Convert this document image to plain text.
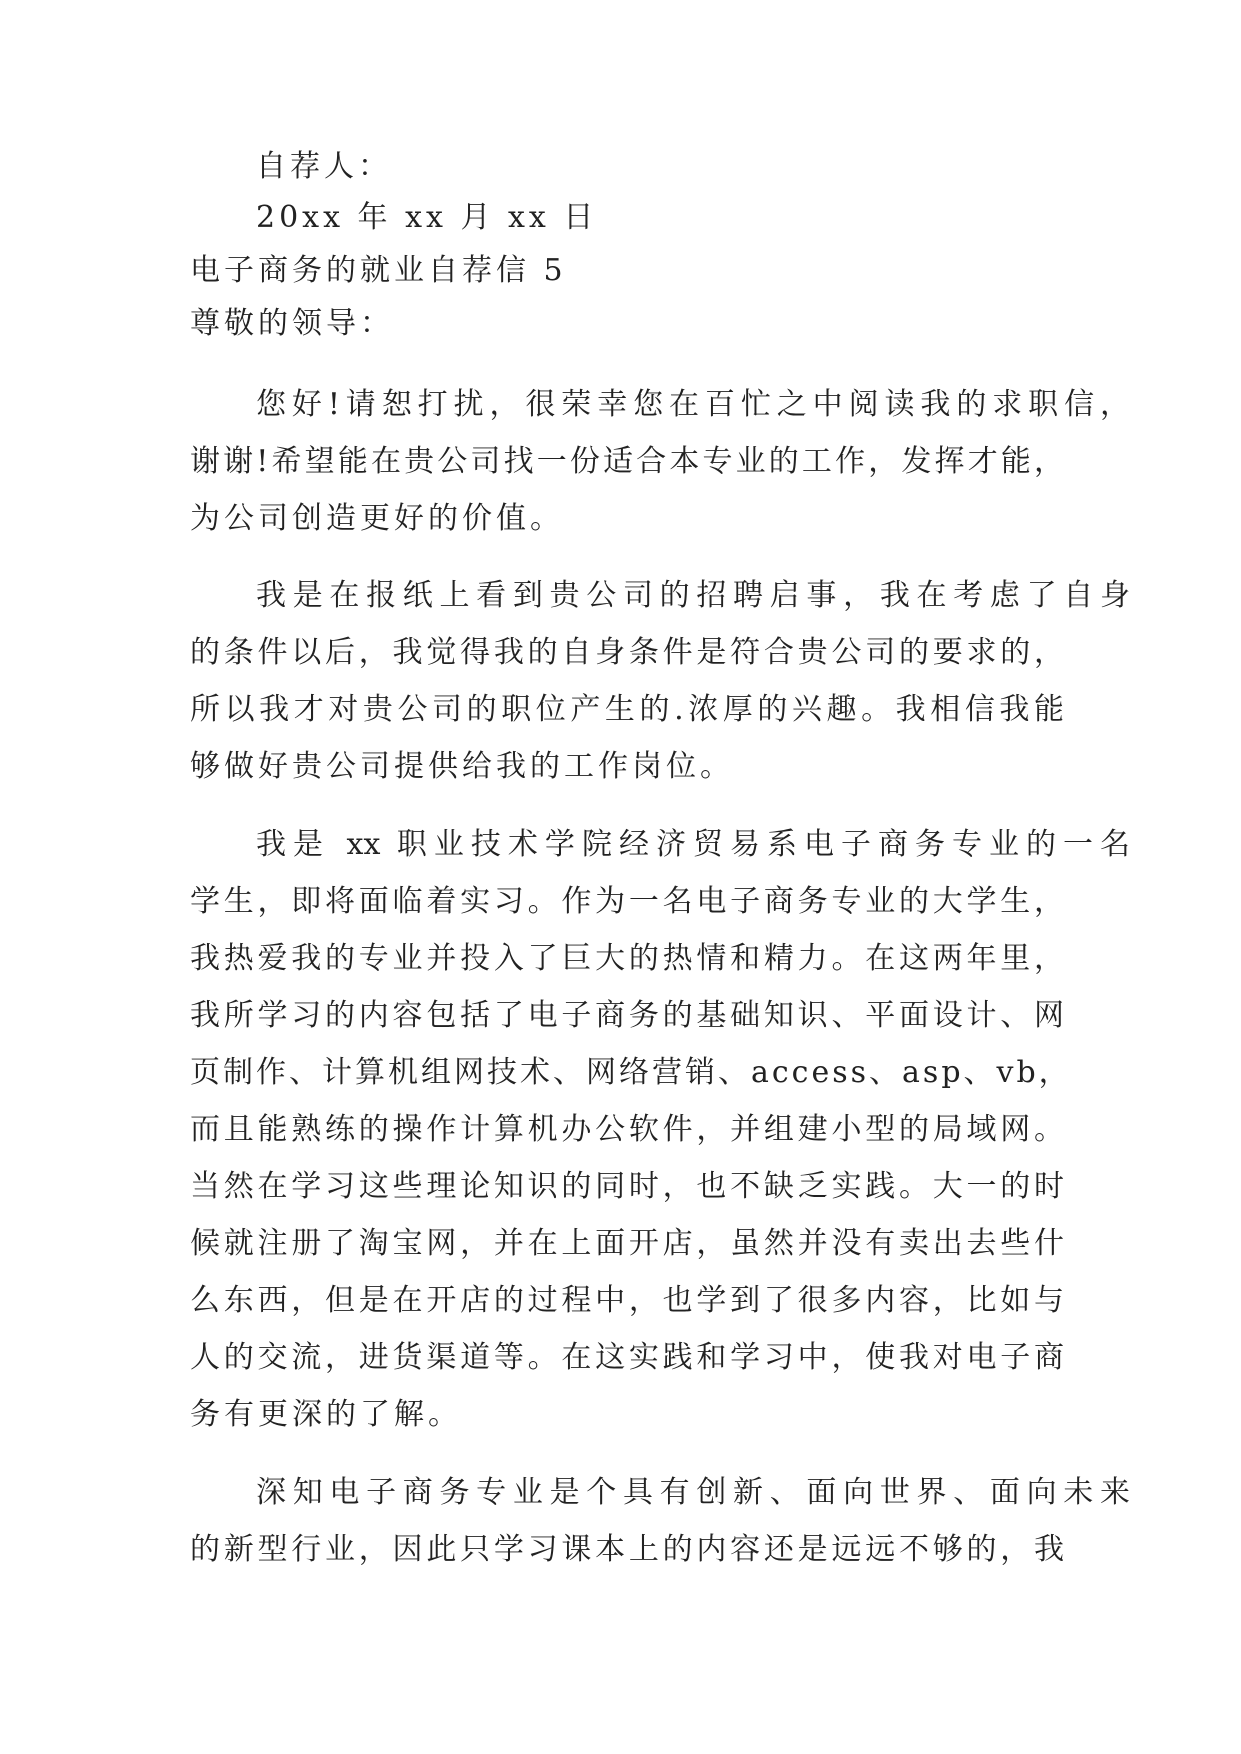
自荐人：
20xx 年 xx 月 xx 日
电子商务的就业自荐信 5
尊敬的领导：
您好!请恕打扰，很荣幸您在百忙之中阅读我的求职信，
谢谢!希望能在贵公司找一份适合本专业的工作，发挥才能，
为公司创造更好的价值。
我是在报纸上看到贵公司的招聘启事，我在考虑了自身
的条件以后，我觉得我的自身条件是符合贵公司的要求的，
所以我才对贵公司的职位产生的.浓厚的兴趣。我相信我能
够做好贵公司提供给我的工作岗位。
我是 xx 职业技术学院经济贸易系电子商务专业的一名
学生，即将面临着实习。作为一名电子商务专业的大学生，
我热爱我的专业并投入了巨大的热情和精力。在这两年里，
我所学习的内容包括了电子商务的基础知识、平面设计、网
页制作、计算机组网技术、网络营销、access、asp、vb，
而且能熟练的操作计算机办公软件，并组建小型的局域网。
当然在学习这些理论知识的同时，也不缺乏实践。大一的时
候就注册了淘宝网，并在上面开店，虽然并没有卖出去些什
么东西，但是在开店的过程中，也学到了很多内容，比如与
人的交流，进货渠道等。在这实践和学习中，使我对电子商
务有更深的了解。
深知电子商务专业是个具有创新、面向世界、面向未来
的新型行业，因此只学习课本上的内容还是远远不够的，我
